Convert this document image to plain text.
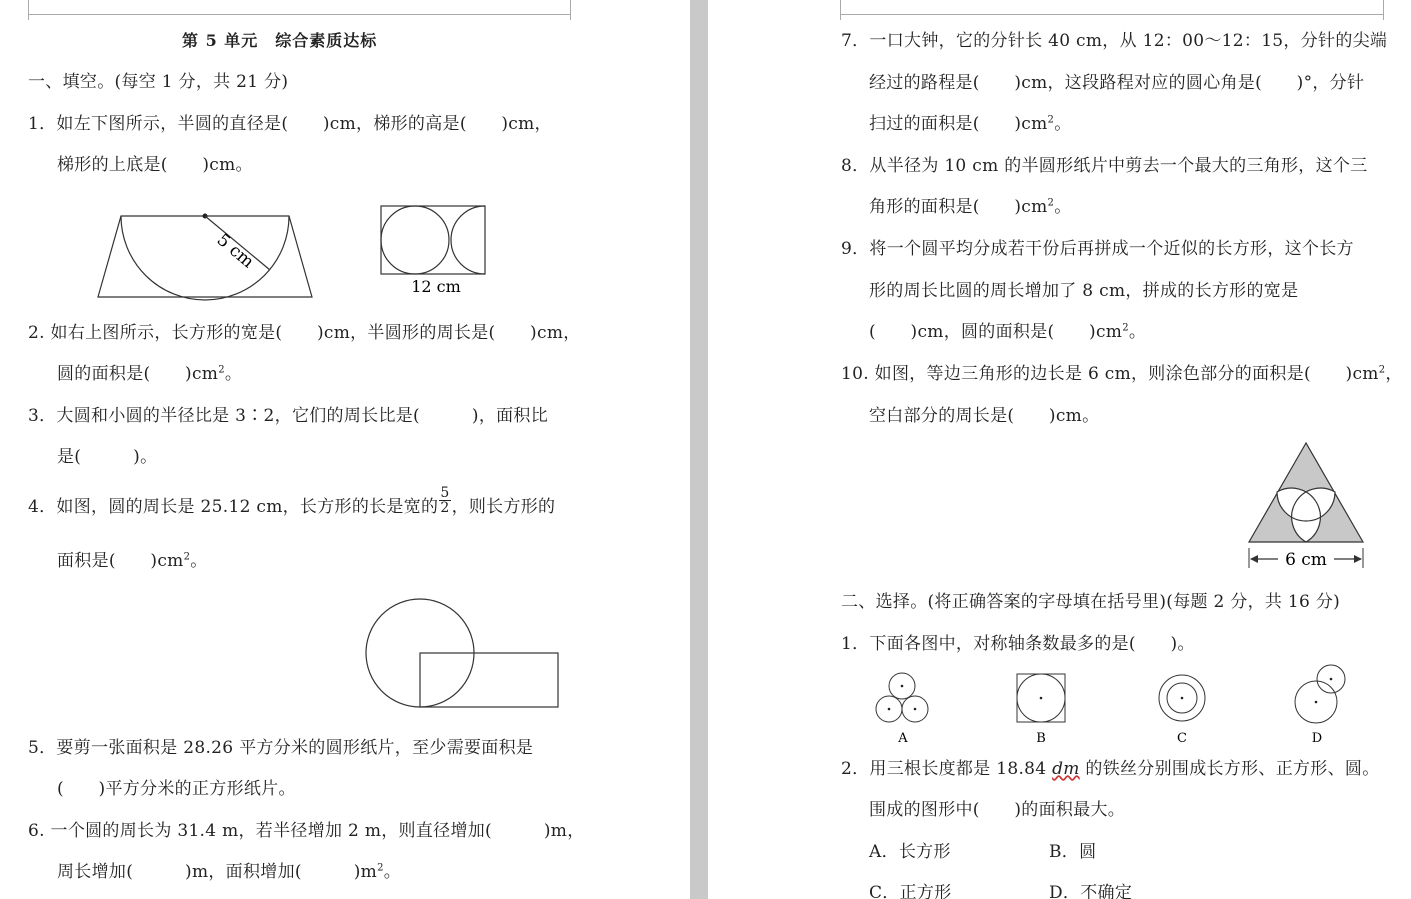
第 5 单元　综合素质达标
一、填空。(每空 1 分，共 21 分)
1．如左下图所示，半圆的直径是(　　)cm，梯形的高是(　　)cm，
梯形的上底是(　　)cm。
5 cm
12 cm
2. 如右上图所示，长方形的宽是(　　)cm，半圆形的周长是(　　)cm，
圆的面积是(　　)$cm^2$。
3．大圆和小圆的半径比是 3∶2，它们的周长比是(　　　)，面积比
是(　　　)。
4．如图，圆的周长是 25.12 cm，长方形的长是宽的 $\frac{5}{2}$ ，则长方形的
面积是(　　)$cm^2$。
5．要剪一张面积是 28.26 平方分米的圆形纸片，至少需要面积是
(　　)平方分米的正方形纸片。
6. 一个圆的周长为 31.4 m，若半径增加 2 m，则直径增加(　　　)m，
周长增加(　　　)m，面积增加(　　　)$m^2$。
7．一口大钟，它的分针长 40 cm，从 12：00～12：15，分针的尖端
经过的路程是(　　)cm，这段路程对应的圆心角是(　　)°，分针
扫过的面积是(　　)$cm^2$。
8．从半径为 10 cm 的半圆形纸片中剪去一个最大的三角形，这个三
角形的面积是(　　)$cm^2$。
9．将一个圆平均分成若干份后再拼成一个近似的长方形，这个长方
形的周长比圆的周长增加了 8 cm，拼成的长方形的宽是
(　　)cm，圆的面积是(　　)$cm^2$。
10. 如图，等边三角形的边长是 6 cm，则涂色部分的面积是(　　)$cm^2$，
空白部分的周长是(　　)cm。
6 cm
二、选择。(将正确答案的字母填在括号里)(每题 2 分，共 16 分)
1．下面各图中，对称轴条数最多的是(　　)。
A	B	C	D
2．用三根长度都是 18.84 dm 的铁丝分别围成长方形、正方形、圆。
围成的图形中(　　)的面积最大。
A．长方形	B．圆
C．正方形	D．不确定
